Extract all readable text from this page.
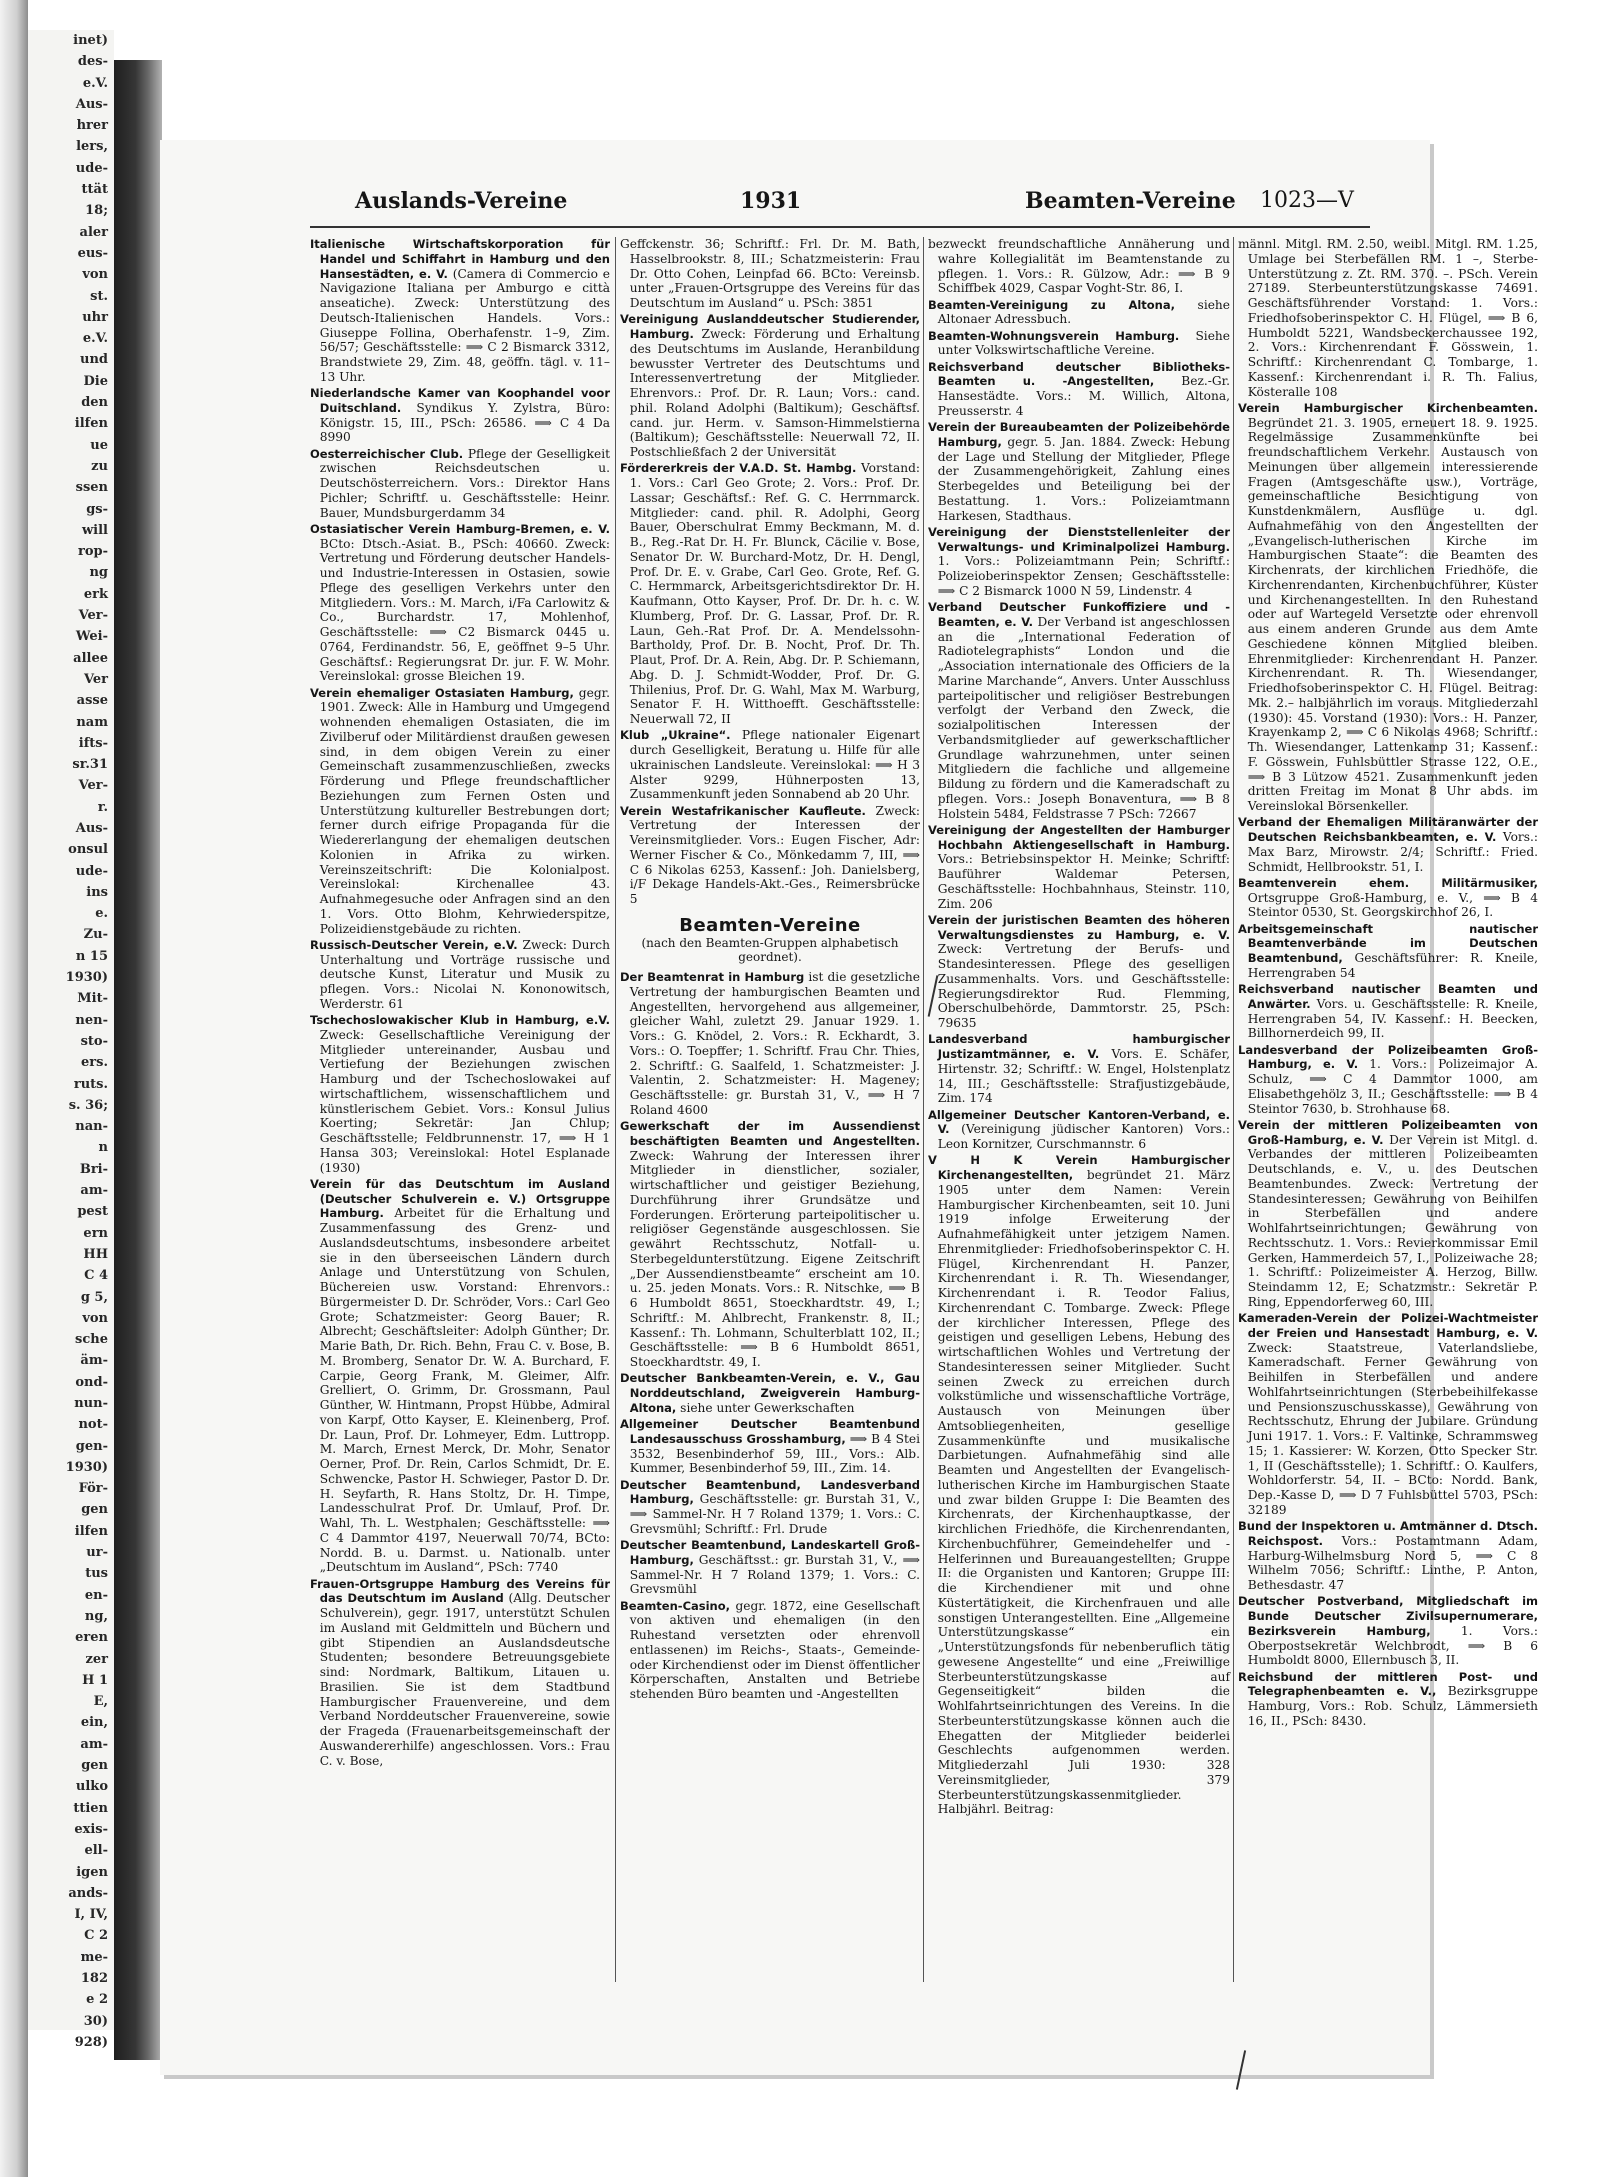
inet)
des-
e.V.
Aus-
hrer
lers,
ude-
ttät
18;
aler
eus-
von
st.
uhr
e.V.
und
Die
den
ilfen
ue
zu
ssen
gs-
will
rop-
ng
erk
Ver-
Wei-
allee
Ver
asse
nam
ifts-
sr.31
Ver-
r.
Aus-
onsul
ude-
ins
e.
Zu-
n 15
1930)
Mit-
nen-
sto-
ers.
ruts.
s. 36;
nan-
n
Bri-
am-
pest
ern
HH
C 4
g 5,
von
sche
äm-
ond-
nun-
not-
gen-
1930)
För-
gen
ilfen
ur-
tus
en-
ng,
eren
zer
H 1
E,
ein,
am-
gen
ulko
ttien
exis-
ell-
igen
ands-
I, IV,
C 2
me-
182
e 2
30)
928)
Auslands-Vereine	1931	Beamten-Vereine 1023—V
Italienische Wirtschaftskorporation für Handel und Schiffahrt in Hamburg und den Hansestädten, e. V. (Camera di Commercio e Navigazione Italiana per Amburgo e città anseatiche). Zweck: Unterstützung des Deutsch-Italienischen Handels. Vors.: Giuseppe Follina, Oberhafenstr. 1–9, Zim. 56/57; Geschäftsstelle: ⟹ C 2 Bismarck 3312, Brandstwiete 29, Zim. 48, geöffn. tägl. v. 11–13 Uhr.
Niederlandsche Kamer van Koophandel voor Duitschland. Syndikus Y. Zylstra, Büro: Königstr. 15, III., PSch: 26586. ⟹ C 4 Da 8990
Oesterreichischer Club. Pflege der Geselligkeit zwischen Reichsdeutschen u. Deutschösterreichern. Vors.: Direktor Hans Pichler; Schriftf. u. Geschäftsstelle: Heinr. Bauer, Mundsburgerdamm 34
Ostasiatischer Verein Hamburg-Bremen, e. V. BCto: Dtsch.-Asiat. B., PSch: 40660. Zweck: Vertretung und Förderung deutscher Handels- und Industrie-Interessen in Ostasien, sowie Pflege des geselligen Verkehrs unter den Mitgliedern. Vors.: M. March, i/Fa Carlowitz & Co., Burchardstr. 17, Mohlenhof, Geschäftsstelle: ⟹ C2 Bismarck 0445 u. 0764, Ferdinandstr. 56, E, geöffnet 9–5 Uhr. Geschäftsf.: Regierungsrat Dr. jur. F. W. Mohr. Vereinslokal: grosse Bleichen 19.
Verein ehemaliger Ostasiaten Hamburg, gegr. 1901. Zweck: Alle in Hamburg und Umgegend wohnenden ehemaligen Ostasiaten, die im Zivilberuf oder Militärdienst draußen gewesen sind, in dem obigen Verein zu einer Gemeinschaft zusammenzuschließen, zwecks Förderung und Pflege freundschaftlicher Beziehungen zum Fernen Osten und Unterstützung kultureller Bestrebungen dort; ferner durch eifrige Propaganda für die Wiedererlangung der ehemaligen deutschen Kolonien in Afrika zu wirken. Vereinszeitschrift: Die Kolonialpost. Vereinslokal: Kirchenallee 43. Aufnahmegesuche oder Anfragen sind an den 1. Vors. Otto Blohm, Kehrwiederspitze, Polizeidienstgebäude zu richten.
Russisch-Deutscher Verein, e.V. Zweck: Durch Unterhaltung und Vorträge russische und deutsche Kunst, Literatur und Musik zu pflegen. Vors.: Nicolai N. Kononowitsch, Werderstr. 61
Tschechoslowakischer Klub in Hamburg, e.V. Zweck: Gesellschaftliche Vereinigung der Mitglieder untereinander, Ausbau und Vertiefung der Beziehungen zwischen Hamburg und der Tschechoslowakei auf wirtschaftlichem, wissenschaftlichem und künstlerischem Gebiet. Vors.: Konsul Julius Koerting; Sekretär: Jan Chlup; Geschäftsstelle; Feldbrunnenstr. 17, ⟹ H 1 Hansa 303; Vereinslokal: Hotel Esplanade (1930)
Verein für das Deutschtum im Ausland (Deutscher Schulverein e. V.) Ortsgruppe Hamburg. Arbeitet für die Erhaltung und Zusammenfassung des Grenz- und Auslandsdeutschtums, insbesondere arbeitet sie in den überseeischen Ländern durch Anlage und Unterstützung von Schulen, Büchereien usw. Vorstand: Ehrenvors.: Bürgermeister D. Dr. Schröder, Vors.: Carl Geo Grote; Schatzmeister: Georg Bauer; R. Albrecht; Geschäftsleiter: Adolph Günther; Dr. Marie Bath, Dr. Rich. Behn, Frau C. v. Bose, B. M. Bromberg, Senator Dr. W. A. Burchard, F. Carpie, Georg Frank, M. Gleimer, Alfr. Grelliert, O. Grimm, Dr. Grossmann, Paul Günther, W. Hintmann, Propst Hübbe, Admiral von Karpf, Otto Kayser, E. Kleinenberg, Prof. Dr. Laun, Prof. Dr. Lohmeyer, Edm. Luttropp. M. March, Ernest Merck, Dr. Mohr, Senator Oerner, Prof. Dr. Rein, Carlos Schmidt, Dr. E. Schwencke, Pastor H. Schwieger, Pastor D. Dr. H. Seyfarth, R. Hans Stoltz, Dr. H. Timpe, Landesschulrat Prof. Dr. Umlauf, Prof. Dr. Wahl, Th. L. Westphalen; Geschäftsstelle: ⟹ C 4 Dammtor 4197, Neuerwall 70/74, BCto: Nordd. B. u. Darmst. u. Nationalb. unter „Deutschtum im Ausland“, PSch: 7740
Frauen-Ortsgruppe Hamburg des Vereins für das Deutschtum im Ausland (Allg. Deutscher Schulverein), gegr. 1917, unterstützt Schulen im Ausland mit Geldmitteln und Büchern und gibt Stipendien an Auslandsdeutsche Studenten; besondere Betreuungsgebiete sind: Nordmark, Baltikum, Litauen u. Brasilien. Sie ist dem Stadtbund Hamburgischer Frauenvereine, und dem Verband Norddeutscher Frauenvereine, sowie der Frageda (Frauenarbeitsgemeinschaft der Auswandererhilfe) angeschlossen. Vors.: Frau C. v. Bose,
Geffckenstr. 36; Schriftf.: Frl. Dr. M. Bath, Hasselbrookstr. 8, III.; Schatzmeisterin: Frau Dr. Otto Cohen, Leinpfad 66. BCto: Vereinsb. unter „Frauen-Ortsgruppe des Vereins für das Deutschtum im Ausland“ u. PSch: 3851
Vereinigung Auslanddeutscher Studierender, Hamburg. Zweck: Förderung und Erhaltung des Deutschtums im Auslande, Heranbildung bewusster Vertreter des Deutschtums und Interessenvertretung der Mitglieder. Ehrenvors.: Prof. Dr. R. Laun; Vors.: cand. phil. Roland Adolphi (Baltikum); Geschäftsf. cand. jur. Herm. v. Samson-Himmelstierna (Baltikum); Geschäftsstelle: Neuerwall 72, II. Postschließfach 2 der Universität
Fördererkreis der V.A.D. St. Hambg. Vorstand: 1. Vors.: Carl Geo Grote; 2. Vors.: Prof. Dr. Lassar; Geschäftsf.: Ref. G. C. Herrnmarck. Mitglieder: cand. phil. R. Adolphi, Georg Bauer, Oberschulrat Emmy Beckmann, M. d. B., Reg.-Rat Dr. H. Fr. Blunck, Cäcilie v. Bose, Senator Dr. W. Burchard-Motz, Dr. H. Dengl, Prof. Dr. E. v. Grabe, Carl Geo. Grote, Ref. G. C. Hermmarck, Arbeitsgerichtsdirektor Dr. H. Kaufmann, Otto Kayser, Prof. Dr. Dr. h. c. W. Klumberg, Prof. Dr. G. Lassar, Prof. Dr. R. Laun, Geh.-Rat Prof. Dr. A. Mendelssohn-Bartholdy, Prof. Dr. B. Nocht, Prof. Dr. Th. Plaut, Prof. Dr. A. Rein, Abg. Dr. P. Schiemann, Abg. D. J. Schmidt-Wodder, Prof. Dr. G. Thilenius, Prof. Dr. G. Wahl, Max M. Warburg, Senator F. H. Witthoefft. Geschäftsstelle: Neuerwall 72, II
Klub „Ukraine“. Pflege nationaler Eigenart durch Geselligkeit, Beratung u. Hilfe für alle ukrainischen Landsleute. Vereinslokal: ⟹ H 3 Alster 9299, Hühnerposten 13, Zusammenkunft jeden Sonnabend ab 20 Uhr.
Verein Westafrikanischer Kaufleute. Zweck: Vertretung der Interessen der Vereinsmitglieder. Vors.: Eugen Fischer, Adr: Werner Fischer & Co., Mönkedamm 7, III, ⟹ C 6 Nikolas 6253, Kassenf.: Joh. Danielsberg, i/F Dekage Handels-Akt.-Ges., Reimersbrücke 5
Beamten-Vereine
(nach den Beamten-Gruppen alphabetisch geordnet).
Der Beamtenrat in Hamburg ist die gesetzliche Vertretung der hamburgischen Beamten und Angestellten, hervorgehend aus allgemeiner, gleicher Wahl, zuletzt 29. Januar 1929. 1. Vors.: G. Knödel, 2. Vors.: R. Eckhardt, 3. Vors.: O. Toepffer; 1. Schriftf. Frau Chr. Thies, 2. Schriftf.: G. Saalfeld, 1. Schatzmeister: J. Valentin, 2. Schatzmeister: H. Mageney; Geschäftsstelle: gr. Burstah 31, V., ⟹ H 7 Roland 4600
Gewerkschaft der im Aussendienst beschäftigten Beamten und Angestellten. Zweck: Wahrung der Interessen ihrer Mitglieder in dienstlicher, sozialer, wirtschaftlicher und geistiger Beziehung, Durchführung ihrer Grundsätze und Forderungen. Erörterung parteipolitischer u. religiöser Gegenstände ausgeschlossen. Sie gewährt Rechtsschutz, Notfall- u. Sterbegeldunterstützung. Eigene Zeitschrift „Der Aussendienstbeamte“ erscheint am 10. u. 25. jeden Monats. Vors.: R. Nitschke, ⟹ B 6 Humboldt 8651, Stoeckhardtstr. 49, I.; Schriftf.: M. Ahlbrecht, Frankenstr. 8, II.; Kassenf.: Th. Lohmann, Schulterblatt 102, II.; Geschäftsstelle: ⟹ B 6 Humboldt 8651, Stoeckhardtstr. 49, I.
Deutscher Bankbeamten-Verein, e. V., Gau Norddeutschland, Zweigverein Hamburg-Altona, siehe unter Gewerkschaften
Allgemeiner Deutscher Beamtenbund Landesausschuss Grosshamburg, ⟹ B 4 Stei 3532, Besenbinderhof 59, III., Vors.: Alb. Kummer, Besenbinderhof 59, III., Zim. 14.
Deutscher Beamtenbund, Landesverband Hamburg, Geschäftsstelle: gr. Burstah 31, V., ⟹ Sammel-Nr. H 7 Roland 1379; 1. Vors.: C. Grevsmühl; Schriftf.: Frl. Drude
Deutscher Beamtenbund, Landeskartell Groß-Hamburg, Geschäftsst.: gr. Burstah 31, V., ⟹ Sammel-Nr. H 7 Roland 1379; 1. Vors.: C. Grevsmühl
Beamten-Casino, gegr. 1872, eine Gesellschaft von aktiven und ehemaligen (in den Ruhestand versetzten oder ehrenvoll entlassenen) im Reichs-, Staats-, Gemeinde- oder Kirchendienst oder im Dienst öffentlicher Körperschaften, Anstalten und Betriebe stehenden Büro beamten und -Angestellten
bezweckt freundschaftliche Annäherung und wahre Kollegialität im Beamtenstande zu pflegen. 1. Vors.: R. Gülzow, Adr.: ⟹ B 9 Schiffbek 4029, Caspar Voght-Str. 86, I.
Beamten-Vereinigung zu Altona, siehe Altonaer Adressbuch.
Beamten-Wohnungsverein Hamburg. Siehe unter Volkswirtschaftliche Vereine.
Reichsverband deutscher Bibliotheks-Beamten u. -Angestellten, Bez.-Gr. Hansestädte. Vors.: M. Willich, Altona, Preusserstr. 4
Verein der Bureaubeamten der Polizeibehörde Hamburg, gegr. 5. Jan. 1884. Zweck: Hebung der Lage und Stellung der Mitglieder, Pflege der Zusammengehörigkeit, Zahlung eines Sterbegeldes und Beteiligung bei der Bestattung. 1. Vors.: Polizeiamtmann Harkesen, Stadthaus.
Vereinigung der Dienststellenleiter der Verwaltungs- und Kriminalpolizei Hamburg. 1. Vors.: Polizeiamtmann Pein; Schriftf.: Polizeioberinspektor Zensen; Geschäftsstelle: ⟹ C 2 Bismarck 1000 N 59, Lindenstr. 4
Verband Deutscher Funkoffiziere und -Beamten, e. V. Der Verband ist angeschlossen an die „International Federation of Radiotelegraphists“ London und die „Association internationale des Officiers de la Marine Marchande“, Anvers. Unter Ausschluss parteipolitischer und religiöser Bestrebungen verfolgt der Verband den Zweck, die sozialpolitischen Interessen der Verbandsmitglieder auf gewerkschaftlicher Grundlage wahrzunehmen, unter seinen Mitgliedern die fachliche und allgemeine Bildung zu fördern und die Kameradschaft zu pflegen. Vors.: Joseph Bonaventura, ⟹ B 8 Holstein 5484, Feldstrasse 7 PSch: 72667
Vereinigung der Angestellten der Hamburger Hochbahn Aktiengesellschaft in Hamburg. Vors.: Betriebsinspektor H. Meinke; Schriftf: Bauführer Waldemar Petersen, Geschäftsstelle: Hochbahnhaus, Steinstr. 110, Zim. 206
Verein der juristischen Beamten des höheren Verwaltungsdienstes zu Hamburg, e. V. Zweck: Vertretung der Berufs- und Standesinteressen. Pflege des geselligen Zusammenhalts. Vors. und Geschäftsstelle: Regierungsdirektor Rud. Flemming, Oberschulbehörde, Dammtorstr. 25, PSch: 79635
Landesverband hamburgischer Justizamtmänner, e. V. Vors. E. Schäfer, Hirtenstr. 32; Schriftf.: W. Engel, Holstenplatz 14, III.; Geschäftsstelle: Strafjustizgebäude, Zim. 174
Allgemeiner Deutscher Kantoren-Verband, e. V. (Vereinigung jüdischer Kantoren) Vors.: Leon Kornitzer, Curschmannstr. 6
V H K Verein Hamburgischer Kirchenangestellten, begründet 21. März 1905 unter dem Namen: Verein Hamburgischer Kirchenbeamten, seit 10. Juni 1919 infolge Erweiterung der Aufnahmefähigkeit unter jetzigem Namen. Ehrenmitglieder: Friedhofsoberinspektor C. H. Flügel, Kirchenrendant H. Panzer, Kirchenrendant i. R. Th. Wiesendanger, Kirchenrendant i. R. Teodor Falius, Kirchenrendant C. Tombarge. Zweck: Pflege der kirchlicher Interessen, Pflege des geistigen und geselligen Lebens, Hebung des wirtschaftlichen Wohles und Vertretung der Standesinteressen seiner Mitglieder. Sucht seinen Zweck zu erreichen durch volkstümliche und wissenschaftliche Vorträge, Austausch von Meinungen über Amtsobliegenheiten, gesellige Zusammenkünfte und musikalische Darbietungen. Aufnahmefähig sind alle Beamten und Angestellten der Evangelisch-lutherischen Kirche im Hamburgischen Staate und zwar bilden Gruppe I: Die Beamten des Kirchenrats, der Kirchenhauptkasse, der kirchlichen Friedhöfe, die Kirchenrendanten, Kirchenbuchführer, Gemeindehelfer und -Helferinnen und Bureauangestellten; Gruppe II: die Organisten und Kantoren; Gruppe III: die Kirchendiener mit und ohne Küstertätigkeit, die Kirchenfrauen und alle sonstigen Unterangestellten. Eine „Allgemeine Unterstützungskasse“ ein „Unterstützungsfonds für nebenberuflich tätig gewesene Angestellte“ und eine „Freiwillige Sterbeunterstützungskasse auf Gegenseitigkeit“ bilden die Wohlfahrtseinrichtungen des Vereins. In die Sterbeunterstützungskasse können auch die Ehegatten der Mitglieder beiderlei Geschlechts aufgenommen werden. Mitgliederzahl Juli 1930: 328 Vereinsmitglieder, 379 Sterbeunterstützungskassenmitglieder. Halbjährl. Beitrag:
männl. Mitgl. RM. 2.50, weibl. Mitgl. RM. 1.25, Umlage bei Sterbefällen RM. 1 –, Sterbe-Unterstützung z. Zt. RM. 370. –. PSch. Verein 27189. Sterbeunterstützungskasse 74691. Geschäftsführender Vorstand: 1. Vors.: Friedhofsoberinspektor C. H. Flügel, ⟹ B 6, Humboldt 5221, Wandsbeckerchaussee 192, 2. Vors.: Kirchenrendant F. Gösswein, 1. Schriftf.: Kirchenrendant C. Tombarge, 1. Kassenf.: Kirchenrendant i. R. Th. Falius, Kösteralle 108
Verein Hamburgischer Kirchenbeamten. Begründet 21. 3. 1905, erneuert 18. 9. 1925. Regelmässige Zusammenkünfte bei freundschaftlichem Verkehr. Austausch von Meinungen über allgemein interessierende Fragen (Amtsgeschäfte usw.), Vorträge, gemeinschaftliche Besichtigung von Kunstdenkmälern, Ausflüge u. dgl. Aufnahmefähig von den Angestellten der „Evangelisch-lutherischen Kirche im Hamburgischen Staate“: die Beamten des Kirchenrats, der kirchlichen Friedhöfe, die Kirchenrendanten, Kirchenbuchführer, Küster und Kirchenangestellten. In den Ruhestand oder auf Wartegeld Versetzte oder ehrenvoll aus einem anderen Grunde aus dem Amte Geschiedene können Mitglied bleiben. Ehrenmitglieder: Kirchenrendant H. Panzer. Kirchenrendant. R. Th. Wiesendanger, Friedhofsoberinspektor C. H. Flügel. Beitrag: Mk. 2.– halbjährlich im voraus. Mitgliederzahl (1930): 45. Vorstand (1930): Vors.: H. Panzer, Krayenkamp 2, ⟹ C 6 Nikolas 4968; Schriftf.: Th. Wiesendanger, Lattenkamp 31; Kassenf.: F. Gösswein, Fuhlsbüttler Strasse 122, O.E., ⟹ B 3 Lützow 4521. Zusammenkunft jeden dritten Freitag im Monat 8 Uhr abds. im Vereinslokal Börsenkeller.
Verband der Ehemaligen Militäranwärter der Deutschen Reichsbankbeamten, e. V. Vors.: Max Barz, Mirowstr. 2/4; Schriftf.: Fried. Schmidt, Hellbrookstr. 51, I.
Beamtenverein ehem. Militärmusiker, Ortsgruppe Groß-Hamburg, e. V., ⟹ B 4 Steintor 0530, St. Georgskirchhof 26, I.
Arbeitsgemeinschaft nautischer Beamtenverbände im Deutschen Beamtenbund, Geschäftsführer: R. Kneile, Herrengraben 54
Reichsverband nautischer Beamten und Anwärter. Vors. u. Geschäftsstelle: R. Kneile, Herrengraben 54, IV. Kassenf.: H. Beecken, Billhornerdeich 99, II.
Landesverband der Polizeibeamten Groß-Hamburg, e. V. 1. Vors.: Polizeimajor A. Schulz, ⟹ C 4 Dammtor 1000, am Elisabethgehölz 3, II.; Geschäftsstelle: ⟹ B 4 Steintor 7630, b. Strohhause 68.
Verein der mittleren Polizeibeamten von Groß-Hamburg, e. V. Der Verein ist Mitgl. d. Verbandes der mittleren Polizeibeamten Deutschlands, e. V., u. des Deutschen Beamtenbundes. Zweck: Vertretung der Standesinteressen; Gewährung von Beihilfen in Sterbefällen und andere Wohlfahrtseinrichtungen; Gewährung von Rechtsschutz. 1. Vors.: Revierkommissar Emil Gerken, Hammerdeich 57, I., Polizeiwache 28; 1. Schriftf.: Polizeimeister A. Herzog, Billw. Steindamm 12, E; Schatzmstr.: Sekretär P. Ring, Eppendorferweg 60, III.
Kameraden-Verein der Polizei-Wachtmeister der Freien und Hansestadt Hamburg, e. V. Zweck: Staatstreue, Vaterlandsliebe, Kameradschaft. Ferner Gewährung von Beihilfen in Sterbefällen und andere Wohlfahrtseinrichtungen (Sterbebeihilfekasse und Pensionszuschusskasse), Gewährung von Rechtsschutz, Ehrung der Jubilare. Gründung Juni 1917. 1. Vors.: F. Valtinke, Schrammsweg 15; 1. Kassierer: W. Korzen, Otto Specker Str. 1, II (Geschäftsstelle); 1. Schriftf.: O. Kaulfers, Wohldorferstr. 54, II. – BCto: Nordd. Bank, Dep.-Kasse D, ⟹ D 7 Fuhlsbüttel 5703, PSch: 32189
Bund der Inspektoren u. Amtmänner d. Dtsch. Reichspost. Vors.: Postamtmann Adam, Harburg-Wilhelmsburg Nord 5, ⟹ C 8 Wilhelm 7056; Schriftf.: Linthe, P. Anton, Bethesdastr. 47
Deutscher Postverband, Mitgliedschaft im Bunde Deutscher Zivilsupernumerare, Bezirksverein Hamburg, 1. Vors.: Oberpostsekretär Welchbrodt, ⟹ B 6 Humboldt 8000, Ellernbusch 3, II.
Reichsbund der mittleren Post- und Telegraphenbeamten e. V., Bezirksgruppe Hamburg, Vors.: Rob. Schulz, Lämmersieth 16, II., PSch: 8430.
